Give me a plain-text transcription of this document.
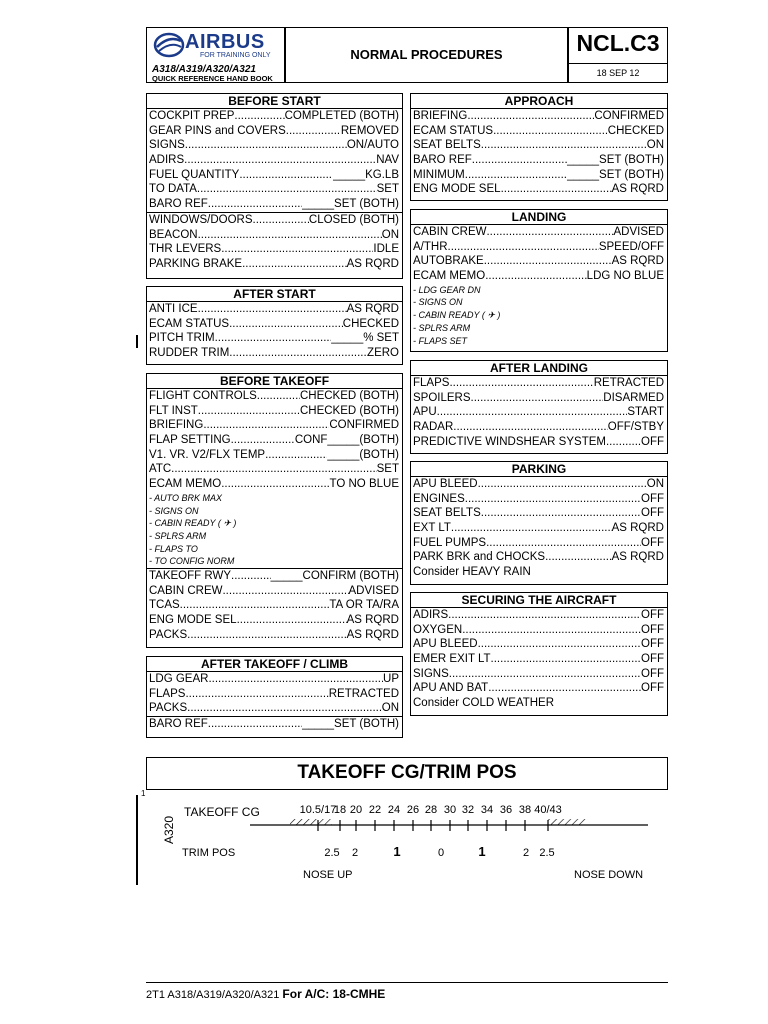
AIRBUS
FOR TRAINING ONLY
A318/A319/A320/A321
QUICK REFERENCE HAND BOOK
NORMAL PROCEDURES	NCL.C3
18 SEP 12
BEFORE START
COCKPIT PREP .....	COMPLETED (BOTH)
GEAR PINS and COVERS .....	REMOVED
SIGNS .....	ON/AUTO
ADIRS .....	NAV
FUEL QUANTITY .....	_____KG.LB
TO DATA .....	SET
BARO REF .....	_____SET (BOTH)
WINDOWS/DOORS .....	CLOSED (BOTH)
BEACON .....	ON
THR LEVERS .....	IDLE
PARKING BRAKE .....	AS RQRD
AFTER START
ANTI ICE .....	AS RQRD
ECAM STATUS .....	CHECKED
PITCH TRIM .....	_____% SET
RUDDER TRIM .....	ZERO
BEFORE TAKEOFF
FLIGHT CONTROLS .....	CHECKED (BOTH)
FLT INST .....	CHECKED (BOTH)
BRIEFING .....	CONFIRMED
FLAP SETTING .....	CONF_____(BOTH)
V1. VR. V2/FLX TEMP .....	_____(BOTH)
ATC .....	SET
ECAM MEMO .....	TO NO BLUE
- AUTO BRK MAX
- SIGNS ON
- CABIN READY ( ✈ )
- SPLRS ARM
- FLAPS TO
- TO CONFIG NORM
TAKEOFF RWY .....	_____CONFIRM (BOTH)
CABIN CREW .....	ADVISED
TCAS .....	TA OR TA/RA
ENG MODE SEL .....	AS RQRD
PACKS .....	AS RQRD
AFTER TAKEOFF / CLIMB
LDG GEAR .....	UP
FLAPS .....	RETRACTED
PACKS .....	ON
BARO REF .....	_____SET (BOTH)
APPROACH
BRIEFING .....	CONFIRMED
ECAM STATUS .....	CHECKED
SEAT BELTS .....	ON
BARO REF .....	_____SET (BOTH)
MINIMUM .....	_____SET (BOTH)
ENG MODE SEL .....	AS RQRD
LANDING
CABIN CREW .....	ADVISED
A/THR .....	SPEED/OFF
AUTOBRAKE .....	AS RQRD
ECAM MEMO .....	LDG NO BLUE
- LDG GEAR DN
- SIGNS ON
- CABIN READY ( ✈ )
- SPLRS ARM
- FLAPS SET
AFTER LANDING
FLAPS .....	RETRACTED
SPOILERS .....	DISARMED
APU .....	START
RADAR .....	OFF/STBY
PREDICTIVE WINDSHEAR SYSTEM .....	OFF
PARKING
APU BLEED .....	ON
ENGINES .....	OFF
SEAT BELTS .....	OFF
EXT LT .....	AS RQRD
FUEL PUMPS .....	OFF
PARK BRK and CHOCKS .....	AS RQRD
Consider HEAVY RAIN
SECURING THE AIRCRAFT
ADIRS .....	OFF
OXYGEN .....	OFF
APU BLEED .....	OFF
EMER EXIT LT .....	OFF
SIGNS .....	OFF
APU AND BAT .....	OFF
Consider COLD WEATHER
1
TAKEOFF CG/TRIM POS
A320
TAKEOFF CG
TRIM POS
10.5/17
18 20 22 24 26 28 30 32 34 36 38 40/43
2.5 2	1	0	1	2 2.5
NOSE UP	NOSE DOWN
2T1 A318/A319/A320/A321 For A/C: 18-CMHE
